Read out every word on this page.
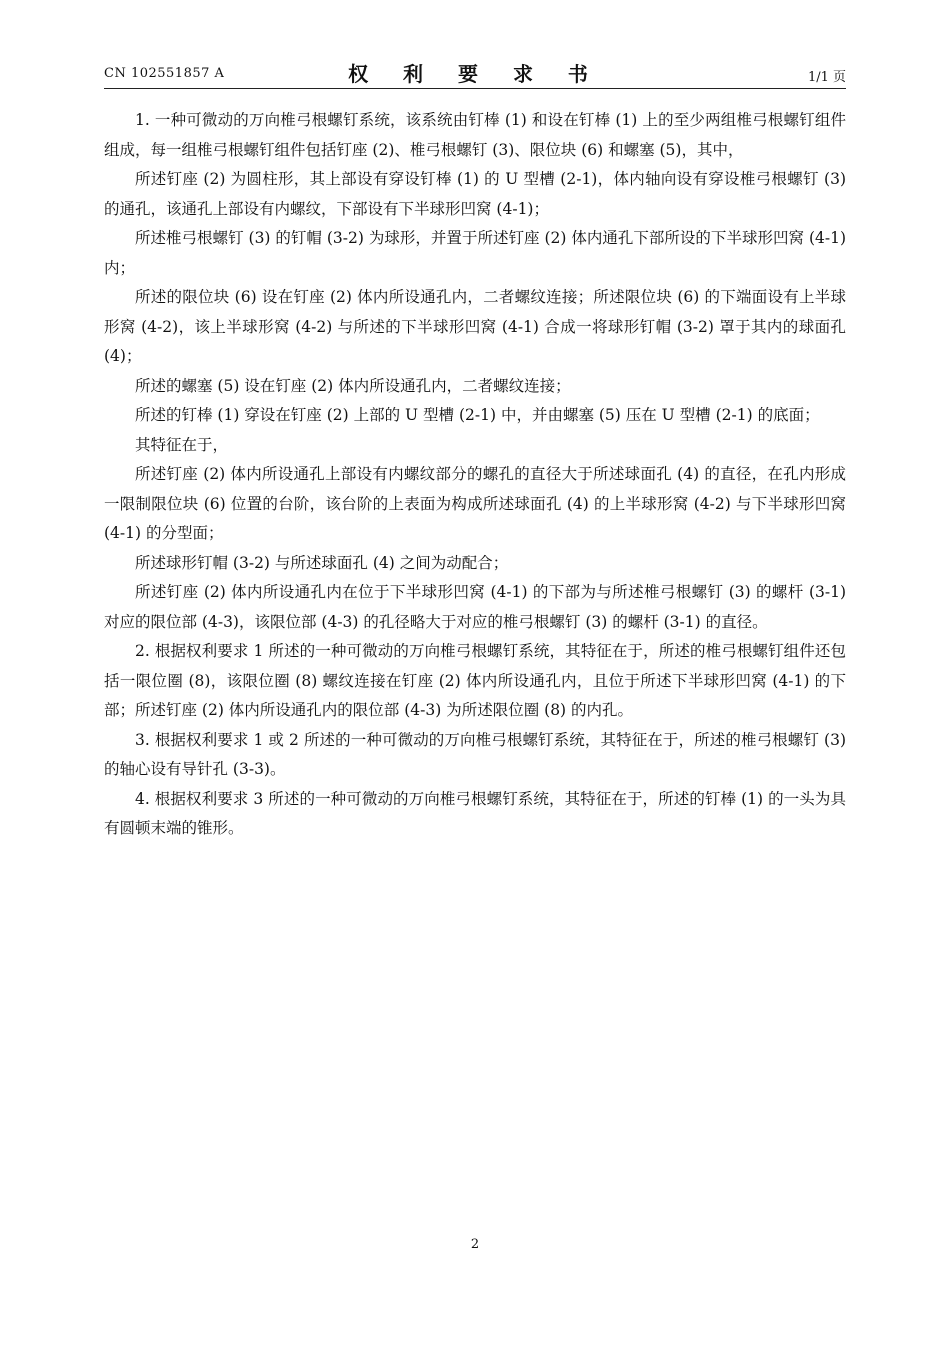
CN 102551857 A	权 利 要 求 书	1/1 页

1. 一种可微动的万向椎弓根螺钉系统，该系统由钉棒 (1) 和设在钉棒 (1) 上的至少两组椎弓根螺钉组件组成，每一组椎弓根螺钉组件包括钉座 (2)、椎弓根螺钉 (3)、限位块 (6) 和螺塞 (5)，其中，

所述钉座 (2) 为圆柱形，其上部设有穿设钉棒 (1) 的 U 型槽 (2-1)，体内轴向设有穿设椎弓根螺钉 (3) 的通孔，该通孔上部设有内螺纹，下部设有下半球形凹窝 (4-1)；

所述椎弓根螺钉 (3) 的钉帽 (3-2) 为球形，并置于所述钉座 (2) 体内通孔下部所设的下半球形凹窝 (4-1) 内；

所述的限位块 (6) 设在钉座 (2) 体内所设通孔内，二者螺纹连接；所述限位块 (6) 的下端面设有上半球形窝 (4-2)，该上半球形窝 (4-2) 与所述的下半球形凹窝 (4-1) 合成一将球形钉帽 (3-2) 罩于其内的球面孔 (4)；

所述的螺塞 (5) 设在钉座 (2) 体内所设通孔内，二者螺纹连接；

所述的钉棒 (1) 穿设在钉座 (2) 上部的 U 型槽 (2-1) 中，并由螺塞 (5) 压在 U 型槽 (2-1) 的底面；

其特征在于，

所述钉座 (2) 体内所设通孔上部设有内螺纹部分的螺孔的直径大于所述球面孔 (4) 的直径，在孔内形成一限制限位块 (6) 位置的台阶，该台阶的上表面为构成所述球面孔 (4) 的上半球形窝 (4-2) 与下半球形凹窝 (4-1) 的分型面；

所述球形钉帽 (3-2) 与所述球面孔 (4) 之间为动配合；

所述钉座 (2) 体内所设通孔内在位于下半球形凹窝 (4-1) 的下部为与所述椎弓根螺钉 (3) 的螺杆 (3-1) 对应的限位部 (4-3)，该限位部 (4-3) 的孔径略大于对应的椎弓根螺钉 (3) 的螺杆 (3-1) 的直径。

2. 根据权利要求 1 所述的一种可微动的万向椎弓根螺钉系统，其特征在于，所述的椎弓根螺钉组件还包括一限位圈 (8)，该限位圈 (8) 螺纹连接在钉座 (2) 体内所设通孔内，且位于所述下半球形凹窝 (4-1) 的下部；所述钉座 (2) 体内所设通孔内的限位部 (4-3) 为所述限位圈 (8) 的内孔。

3. 根据权利要求 1 或 2 所述的一种可微动的万向椎弓根螺钉系统，其特征在于，所述的椎弓根螺钉 (3) 的轴心设有导针孔 (3-3)。

4. 根据权利要求 3 所述的一种可微动的万向椎弓根螺钉系统，其特征在于，所述的钉棒 (1) 的一头为具有圆顿末端的锥形。

2
